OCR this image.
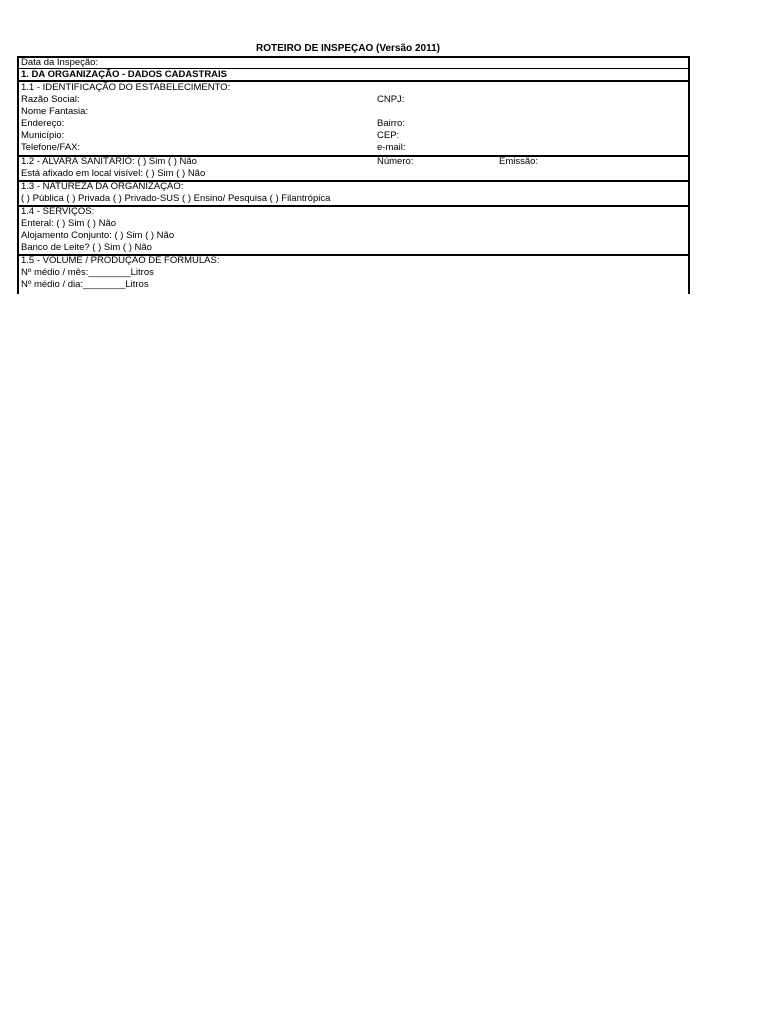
ROTEIRO DE INSPEÇAO (Versão 2011)
Data da Inspeção:
1. DA ORGANIZAÇÃO - DADOS CADASTRAIS
1.1 - IDENTIFICAÇÃO DO ESTABELECIMENTO:
Razão Social:	CNPJ:
Nome Fantasia:
Endereço:	Bairro:
Município:	CEP:
Telefone/FAX:	e-mail:
1.2 - ALVARÁ SANITÁRIO: ( ) Sim ( ) Não	Número:	Emissão:
Está afixado em local visível: ( ) Sim ( ) Não
1.3 - NATUREZA DA ORGANIZAÇÃO:
( ) Pública ( ) Privada ( ) Privado-SUS ( ) Ensino/ Pesquisa ( ) Filantrópica
1.4 - SERVIÇOS:
Enteral: ( ) Sim ( ) Não
Alojamento Conjunto: ( ) Sim ( ) Não
Banco de Leite? ( ) Sim ( ) Não
1.5 - VOLUME / PRODUÇÃO DE FÓRMULAS:
Nº médio / mês:________Litros
Nº médio / dia:________Litros
